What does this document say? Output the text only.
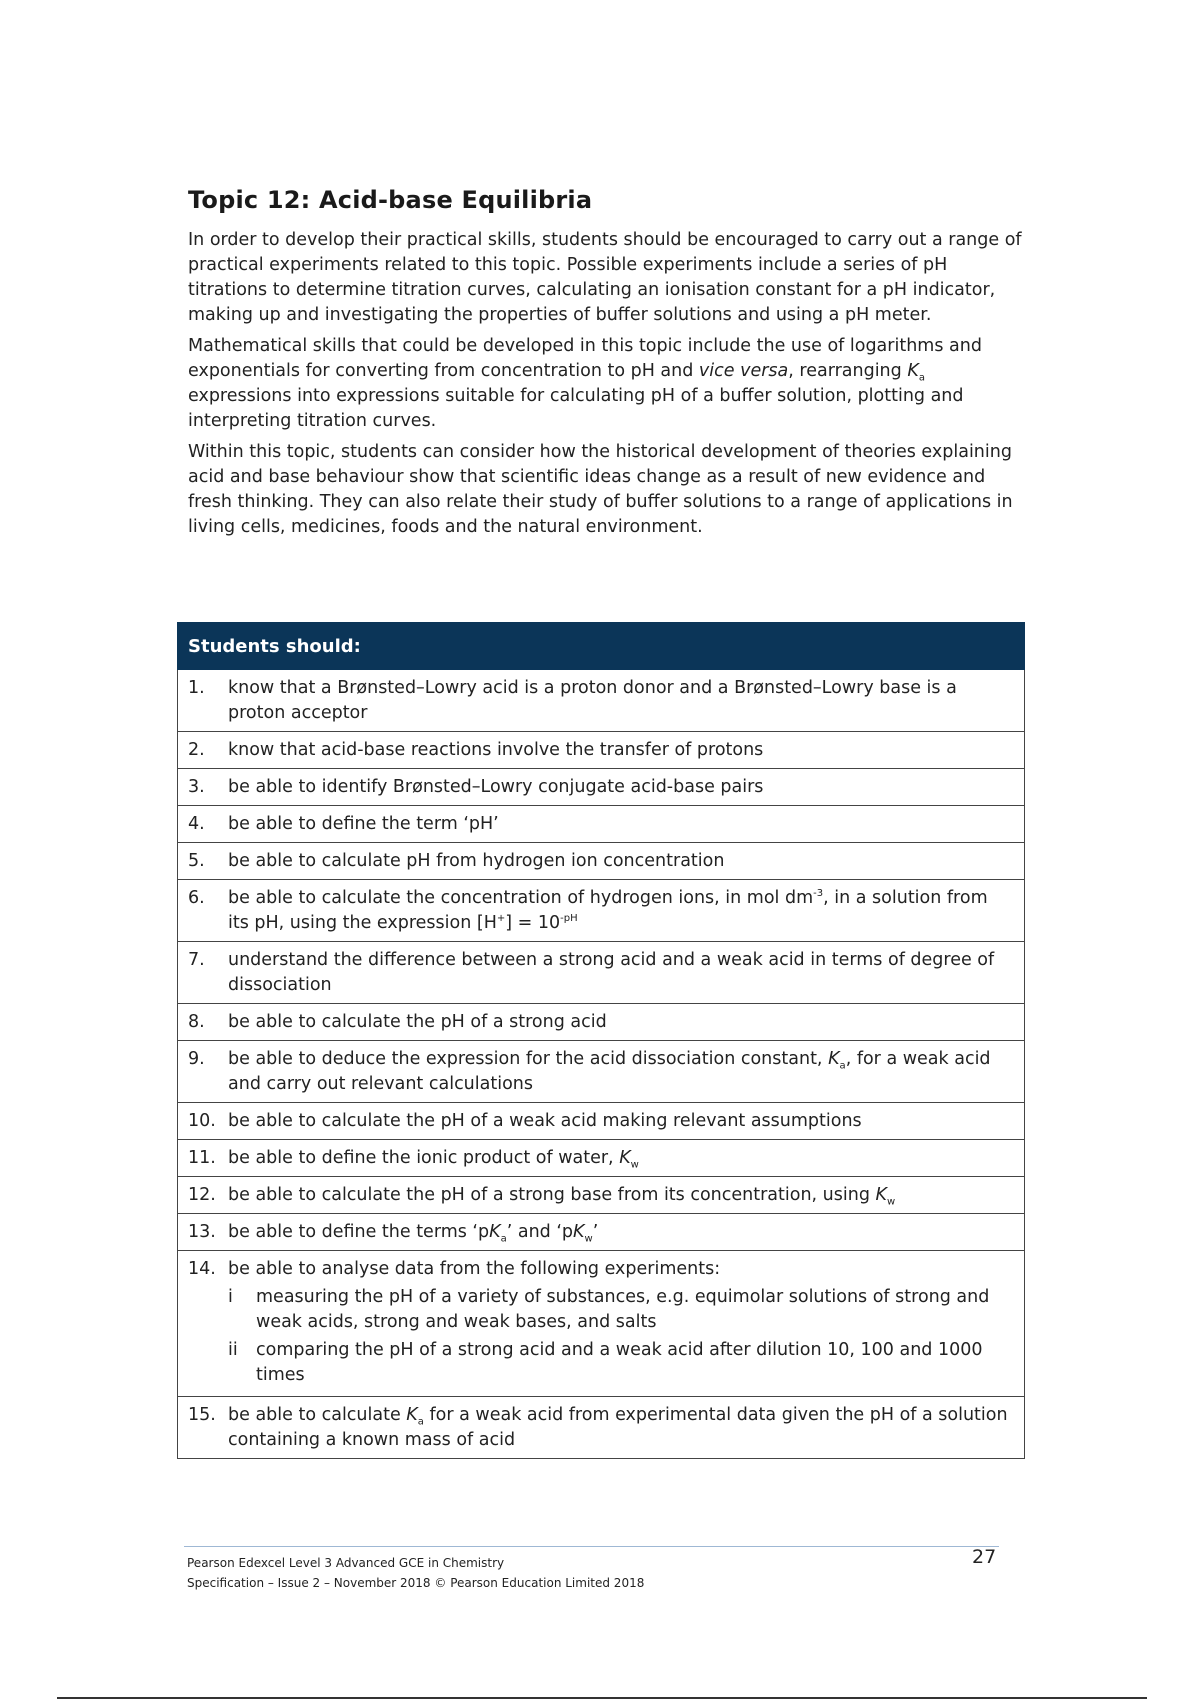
Topic 12: Acid-base Equilibria

In order to develop their practical skills, students should be encouraged to carry out a range of practical experiments related to this topic. Possible experiments include a series of pH titrations to determine titration curves, calculating an ionisation constant for a pH indicator, making up and investigating the properties of buffer solutions and using a pH meter.

Mathematical skills that could be developed in this topic include the use of logarithms and exponentials for converting from concentration to pH and vice versa, rearranging $K_a$ expressions into expressions suitable for calculating pH of a buffer solution, plotting and interpreting titration curves.

Within this topic, students can consider how the historical development of theories explaining acid and base behaviour show that scientific ideas change as a result of new evidence and fresh thinking. They can also relate their study of buffer solutions to a range of applications in living cells, medicines, foods and the natural environment.

Students should:

1.	know that a Brønsted–Lowry acid is a proton donor and a Brønsted–Lowry base is a proton acceptor

2.	know that acid-base reactions involve the transfer of protons

3.	be able to identify Brønsted–Lowry conjugate acid-base pairs

4.	be able to define the term ‘pH’

5.	be able to calculate pH from hydrogen ion concentration

6.	be able to calculate the concentration of hydrogen ions, in mol $dm^{-3}$, in a solution from its pH, using the expression $[H^+] = 10^{-pH}$

7.	understand the difference between a strong acid and a weak acid in terms of degree of dissociation

8.	be able to calculate the pH of a strong acid

9.	be able to deduce the expression for the acid dissociation constant, $K_a$, for a weak acid and carry out relevant calculations

10. be able to calculate the pH of a weak acid making relevant assumptions

11. be able to define the ionic product of water, $K_w$

12. be able to calculate the pH of a strong base from its concentration, using $K_w$

13. be able to define the terms ‘$pK_a$’ and ‘$pK_w$’

14. be able to analyse data from the following experiments:
i	measuring the pH of a variety of substances, e.g. equimolar solutions of strong and weak acids, strong and weak bases, and salts
ii	comparing the pH of a strong acid and a weak acid after dilution 10, 100 and 1000 times

15. be able to calculate $K_a$ for a weak acid from experimental data given the pH of a solution containing a known mass of acid
Pearson Edexcel Level 3 Advanced GCE in Chemistry
Specification – Issue 2 – November 2018 © Pearson Education Limited 2018
27
